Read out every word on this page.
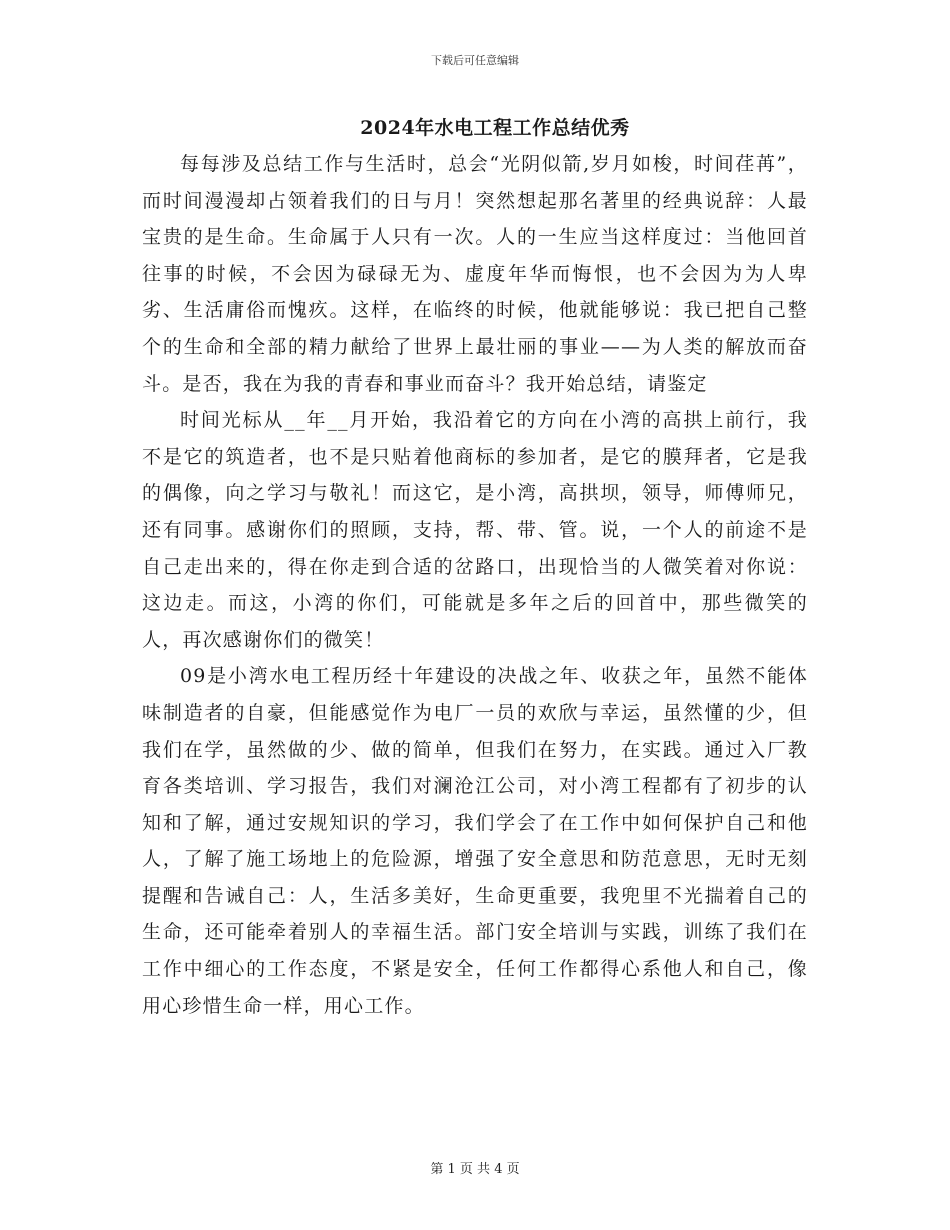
下载后可任意编辑
2024年水电工程工作总结优秀

每每涉及总结工作与生活时，总会“光阴似箭,岁月如梭，时间荏苒”，而时间漫漫却占领着我们的日与月！突然想起那名著里的经典说辞：人最宝贵的是生命。生命属于人只有一次。人的一生应当这样度过：当他回首往事的时候，不会因为碌碌无为、虚度年华而悔恨，也不会因为为人卑劣、生活庸俗而愧疚。这样，在临终的时候，他就能够说：我已把自己整个的生命和全部的精力献给了世界上最壮丽的事业——为人类的解放而奋斗。是否，我在为我的青春和事业而奋斗？我开始总结，请鉴定

时间光标从__年__月开始，我沿着它的方向在小湾的高拱上前行，我不是它的筑造者，也不是只贴着他商标的参加者，是它的膜拜者，它是我的偶像，向之学习与敬礼！而这它，是小湾，高拱坝，领导，师傅师兄，还有同事。感谢你们的照顾，支持，帮、带、管。说，一个人的前途不是自己走出来的，得在你走到合适的岔路口，出现恰当的人微笑着对你说：这边走。而这，小湾的你们，可能就是多年之后的回首中，那些微笑的人，再次感谢你们的微笑！

09是小湾水电工程历经十年建设的决战之年、收获之年，虽然不能体味制造者的自豪，但能感觉作为电厂一员的欢欣与幸运，虽然懂的少，但我们在学，虽然做的少、做的简单，但我们在努力，在实践。通过入厂教育各类培训、学习报告，我们对澜沧江公司，对小湾工程都有了初步的认知和了解，通过安规知识的学习，我们学会了在工作中如何保护自己和他人，了解了施工场地上的危险源，增强了安全意思和防范意思，无时无刻提醒和告诫自己：人，生活多美好，生命更重要，我兜里不光揣着自己的生命，还可能牵着别人的幸福生活。部门安全培训与实践，训练了我们在工作中细心的工作态度，不紧是安全，任何工作都得心系他人和自己，像用心珍惜生命一样，用心工作。

第 1 页 共 4 页
